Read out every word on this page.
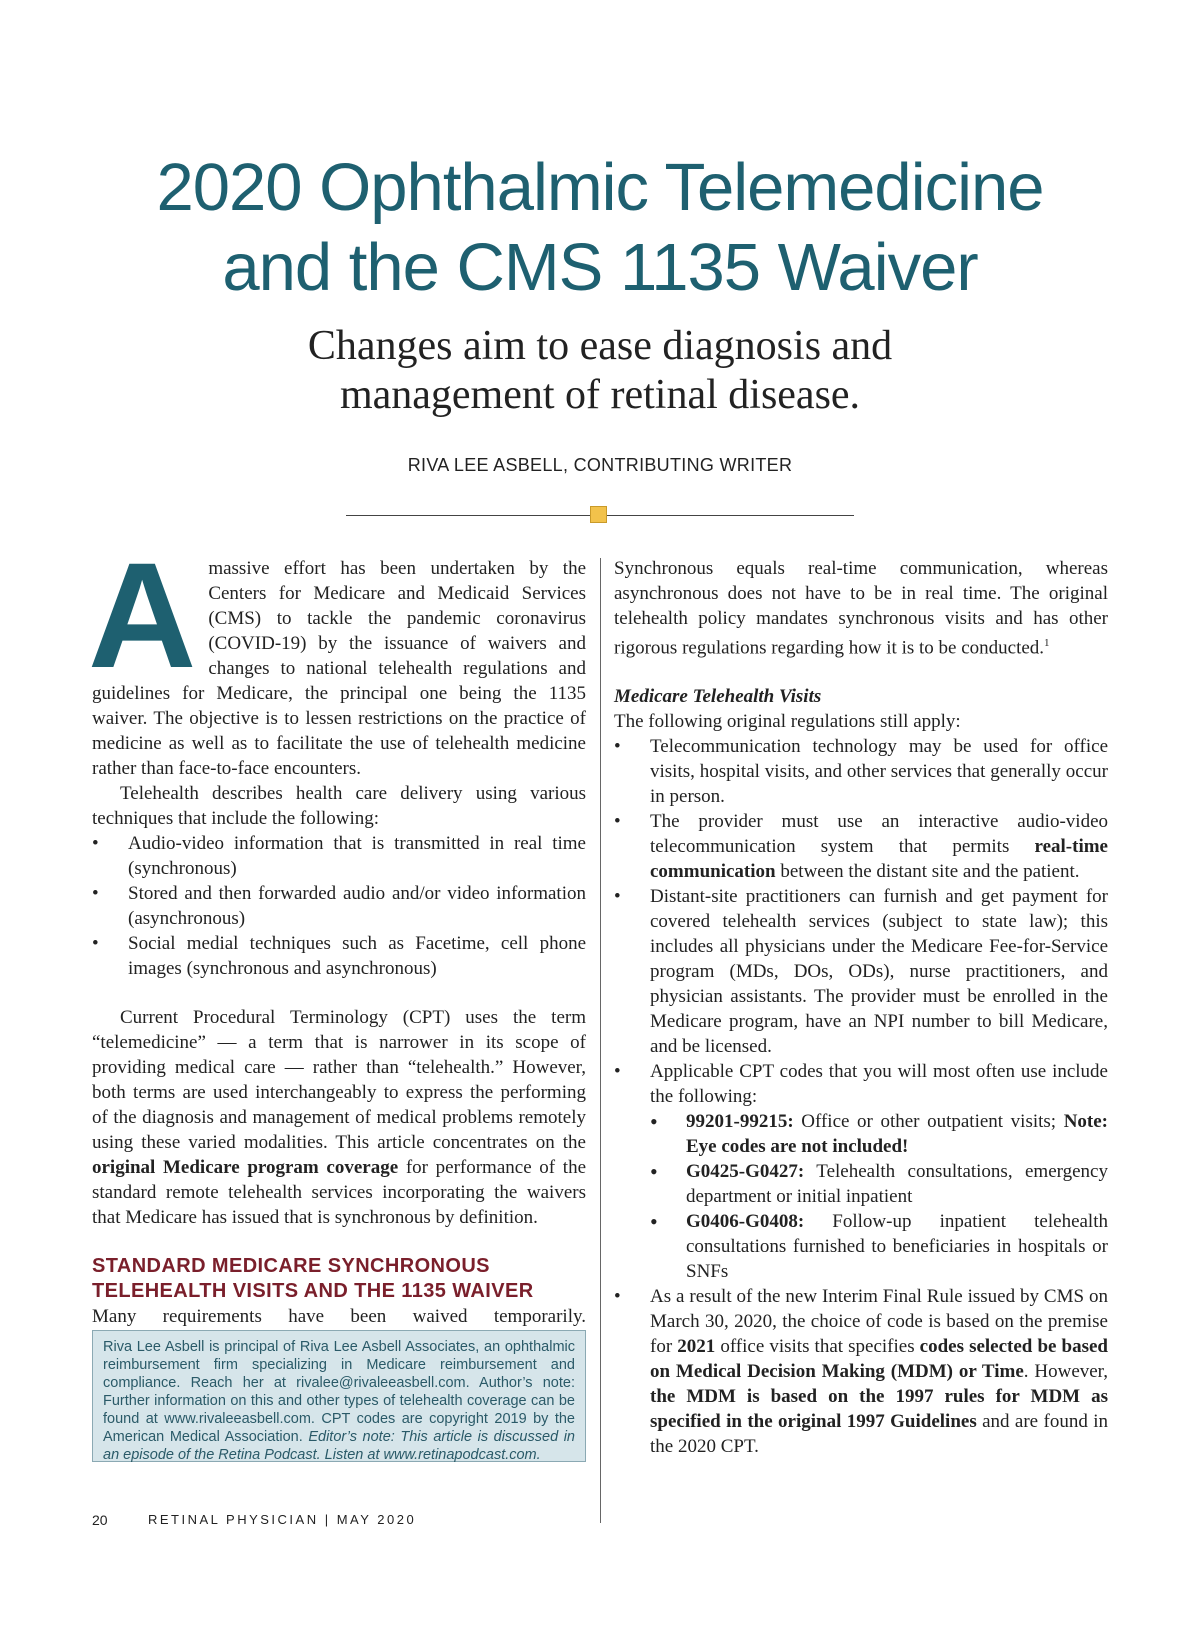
2020 Ophthalmic Telemedicine
and the CMS 1135 Waiver
Changes aim to ease diagnosis and
management of retinal disease.
RIVA LEE ASBELL, CONTRIBUTING WRITER

Amassive effort has been undertaken by the Centers for Medicare and Medicaid Services (CMS) to tackle the pandemic coronavirus (COVID-19) by the issuance of waivers and changes to national telehealth regulations and guidelines for Medicare, the principal one being the 1135 waiver. The objective is to lessen restrictions on the practice of medicine as well as to facilitate the use of telehealth medicine rather than face-to-face encounters.

Telehealth describes health care delivery using various techniques that include the following:

• Audio-video information that is transmitted in real time (synchronous)
• Stored and then forwarded audio and/or video information (asynchronous)
• Social medial techniques such as Facetime, cell phone images (synchronous and asynchronous)

Current Procedural Terminology (CPT) uses the term “telemedicine” — a term that is narrower in its scope of providing medical care — rather than “telehealth.” However, both terms are used interchangeably to express the performing of the diagnosis and management of medical problems remotely using these varied modalities. This article concentrates on the original Medicare program coverage for performance of the standard remote telehealth services incorporating the waivers that Medicare has issued that is synchronous by definition.

STANDARD MEDICARE SYNCHRONOUS
TELEHEALTH VISITS AND THE 1135 WAIVER

Many requirements have been waived temporarily.

Riva Lee Asbell is principal of Riva Lee Asbell Associates, an ophthalmic reimbursement firm specializing in Medicare reimbursement and compliance. Reach her at rivalee@rivaleeasbell.com. Author’s note: Further information on this and other types of telehealth coverage can be found at www.rivaleeasbell.com. CPT codes are copyright 2019 by the American Medical Association. Editor’s note: This article is discussed in an episode of the Retina Podcast. Listen at www.retinapodcast.com.

Synchronous equals real-time communication, whereas asynchronous does not have to be in real time. The original telehealth policy mandates synchronous visits and has other rigorous regulations regarding how it is to be conducted.$^1$

Medicare Telehealth Visits

The following original regulations still apply:

• Telecommunication technology may be used for office visits, hospital visits, and other services that generally occur in person.
• The provider must use an interactive audio-video telecommunication system that permits real-time communication between the distant site and the patient.
• Distant-site practitioners can furnish and get payment for covered telehealth services (subject to state law); this includes all physicians under the Medicare Fee-for-Service program (MDs, DOs, ODs), nurse practitioners, and physician assistants. The provider must be enrolled in the Medicare program, have an NPI number to bill Medicare, and be licensed.
• Applicable CPT codes that you will most often use include the following:
• 99201-99215: Office or other outpatient visits; Note: Eye codes are not included!
• G0425-G0427: Telehealth consultations, emergency department or initial inpatient
• G0406-G0408: Follow-up inpatient telehealth consultations furnished to beneficiaries in hospitals or SNFs
• As a result of the new Interim Final Rule issued by CMS on March 30, 2020, the choice of code is based on the premise for 2021 office visits that specifies codes selected be based on Medical Decision Making (MDM) or Time. However, the MDM is based on the 1997 rules for MDM as specified in the original 1997 Guidelines and are found in the 2020 CPT.
20	RETINAL PHYSICIAN | MAY 2020
